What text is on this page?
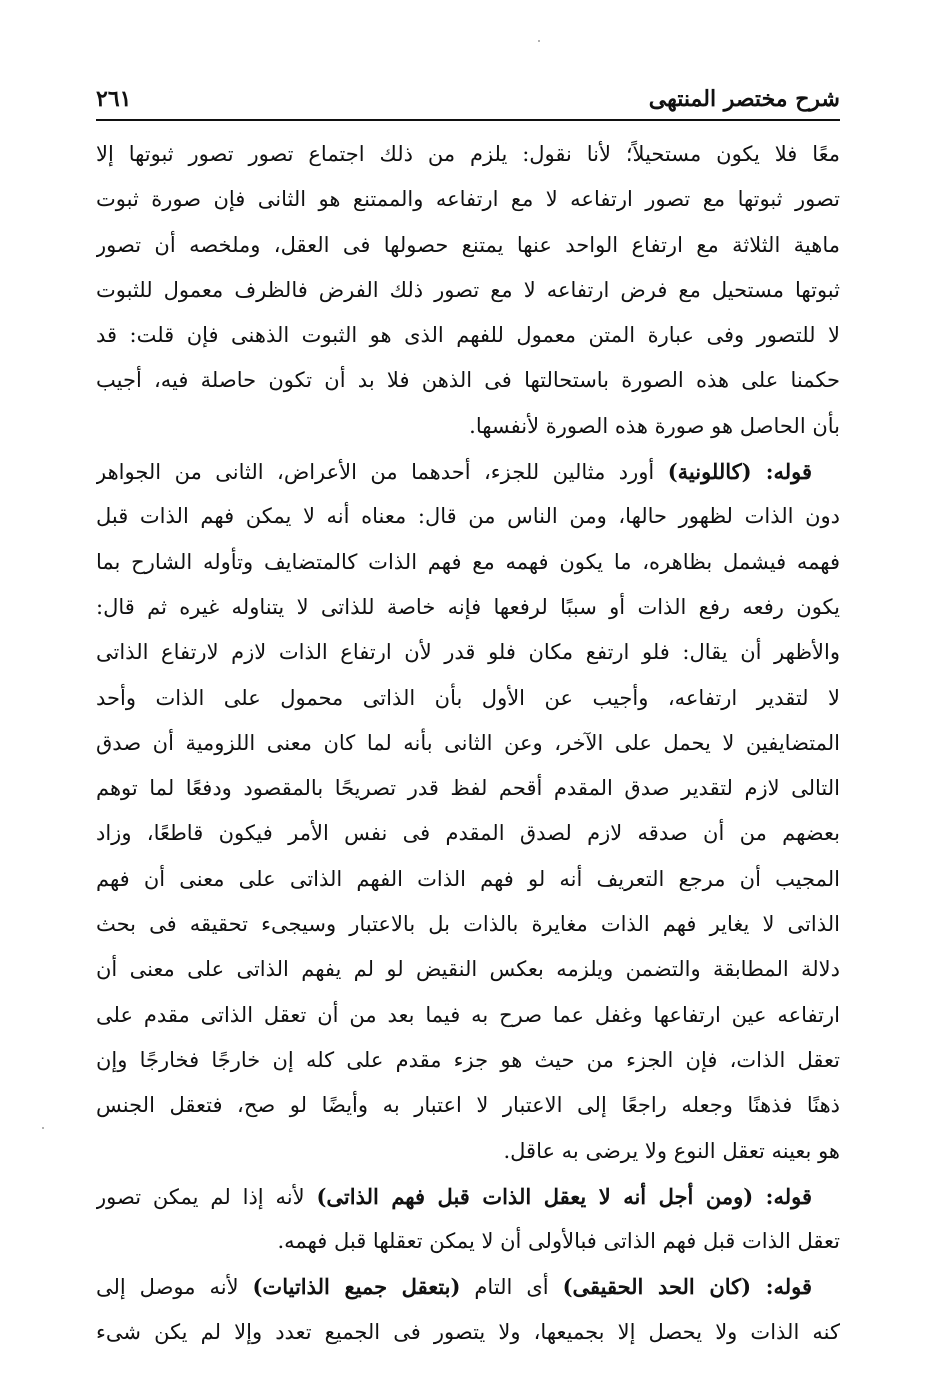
شرح مختصر المنتهى
٢٦١
معًا فلا يكون مستحيلاً؛ لأنا نقول: يلزم من ذلك اجتماع تصور تصور ثبوتها إلا
تصور ثبوتها مع تصور ارتفاعه لا مع ارتفاعه والممتنع هو الثانى فإن صورة ثبوت
ماهية الثلاثة مع ارتفاع الواحد عنها يمتنع حصولها فى العقل، وملخصه أن تصور
ثبوتها مستحيل مع فرض ارتفاعه لا مع تصور ذلك الفرض فالظرف معمول للثبوت
لا للتصور وفى عبارة المتن معمول للفهم الذى هو الثبوت الذهنى فإن قلت: قد
حكمنا على هذه الصورة باستحالتها فى الذهن فلا بد أن تكون حاصلة فيه، أجيب
بأن الحاصل هو صورة هذه الصورة لأنفسها.
قوله: (كاللونية) أورد مثالين للجزء، أحدهما من الأعراض، الثانى من الجواهر
دون الذات لظهور حالها، ومن الناس من قال: معناه أنه لا يمكن فهم الذات قبل
فهمه فيشمل بظاهره، ما يكون فهمه مع فهم الذات كالمتضايف وتأوله الشارح بما
يكون رفعه رفع الذات أو سببًا لرفعها فإنه خاصة للذاتى لا يتناوله غيره ثم قال:
والأظهر أن يقال: فلو ارتفع مكان فلو قدر لأن ارتفاع الذات لازم لارتفاع الذاتى
لا لتقدير ارتفاعه، وأجيب عن الأول بأن الذاتى محمول على الذات وأحد
المتضايفين لا يحمل على الآخر، وعن الثانى بأنه لما كان معنى اللزومية أن صدق
التالى لازم لتقدير صدق المقدم أقحم لفظ قدر تصريحًا بالمقصود ودفعًا لما توهم
بعضهم من أن صدقه لازم لصدق المقدم فى نفس الأمر فيكون قاطعًا، وزاد
المجيب أن مرجع التعريف أنه لو فهم الذات الفهم الذاتى على معنى أن فهم
الذاتى لا يغاير فهم الذات مغايرة بالذات بل بالاعتبار وسيجىء تحقيقه فى بحث
دلالة المطابقة والتضمن ويلزمه بعكس النقيض لو لم يفهم الذاتى على معنى أن
ارتفاعه عين ارتفاعها وغفل عما صرح به فيما بعد من أن تعقل الذاتى مقدم على
تعقل الذات، فإن الجزء من حيث هو جزء مقدم على كله إن خارجًا فخارجًا وإن
ذهنًا فذهنًا وجعله راجعًا إلى الاعتبار لا اعتبار به وأيضًا لو صح، فتعقل الجنس
هو بعينه تعقل النوع ولا يرضى به عاقل.
قوله: (ومن أجل أنه لا يعقل الذات قبل فهم الذاتى) لأنه إذا لم يمكن تصور
تعقل الذات قبل فهم الذاتى فبالأولى أن لا يمكن تعقلها قبل فهمه.
قوله: (كان الحد الحقيقى) أى التام (بتعقل جميع الذاتيات) لأنه موصل إلى
كنه الذات ولا يحصل إلا بجميعها، ولا يتصور فى الجميع تعدد وإلا لم يكن شىء
